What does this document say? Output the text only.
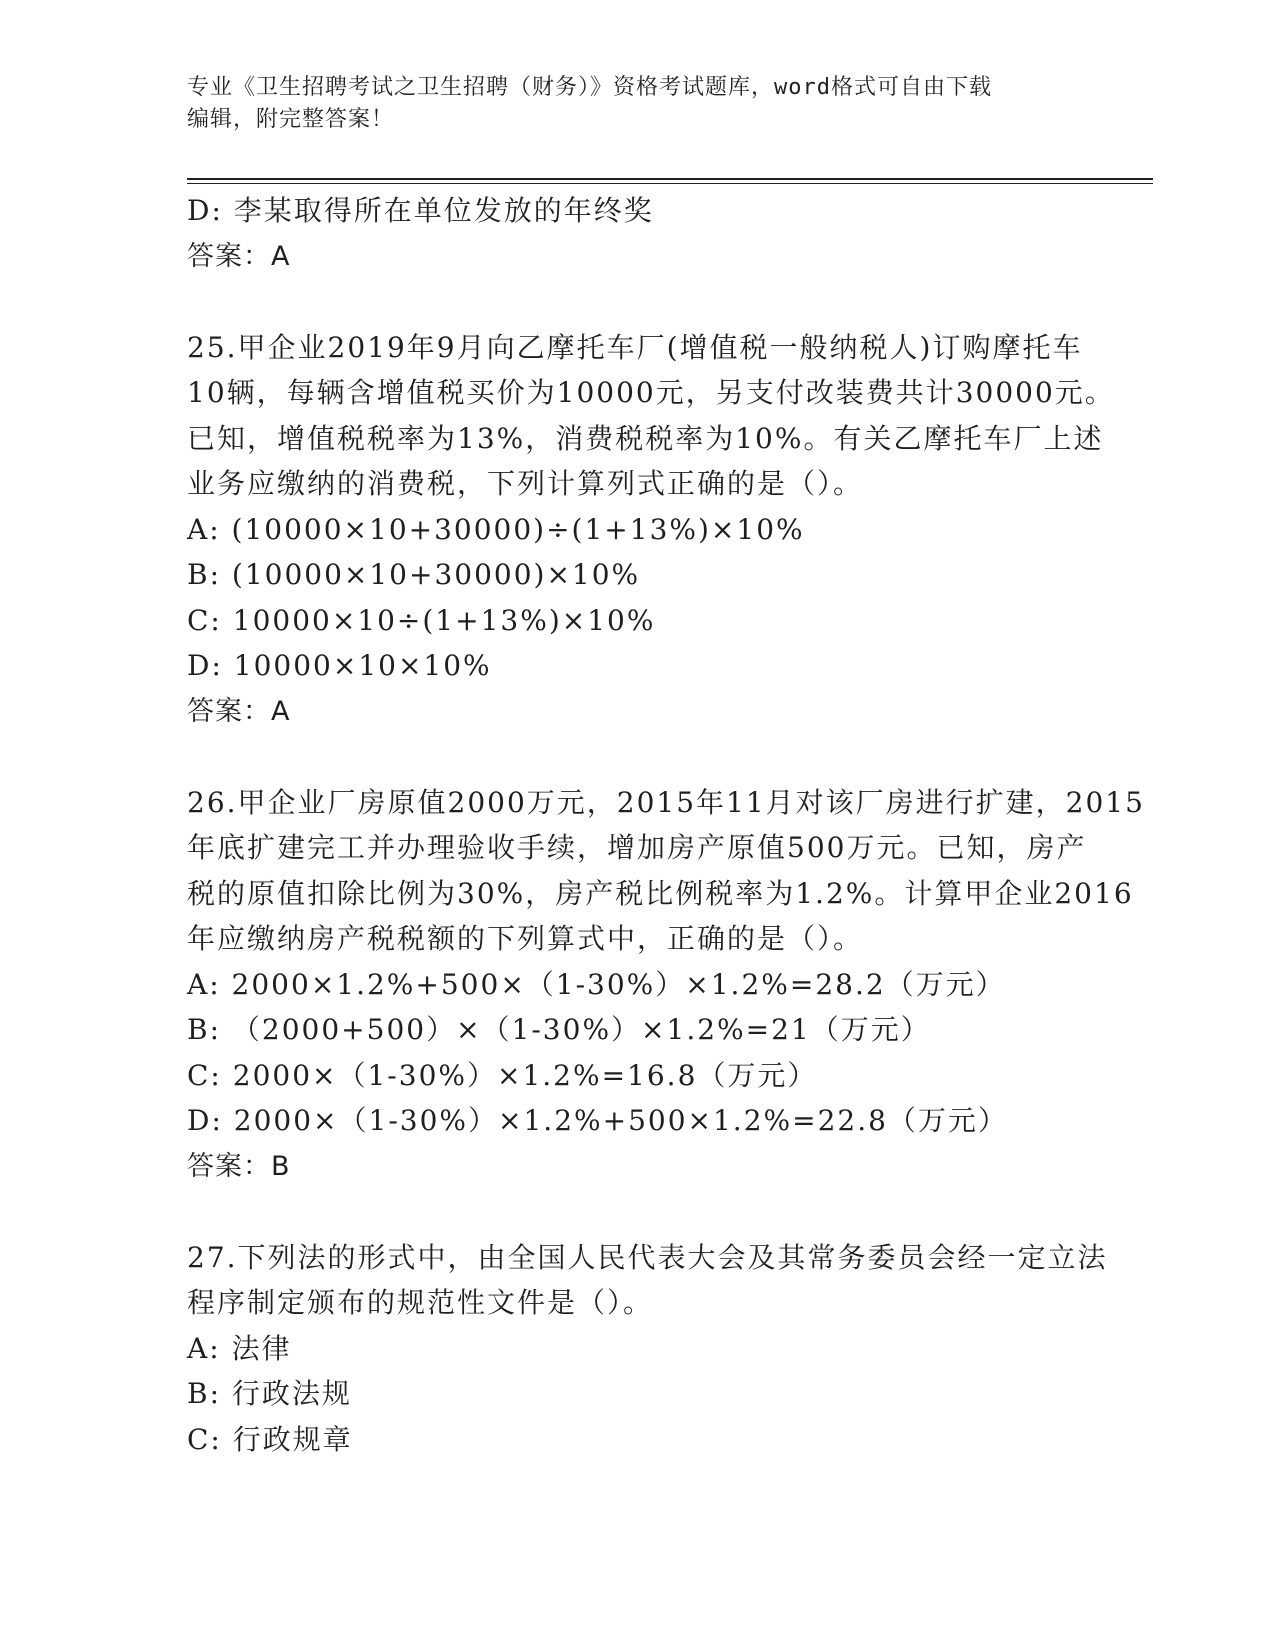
专业《卫生招聘考试之卫生招聘（财务）》资格考试题库，word格式可自由下载
编辑，附完整答案！
D: 李某取得所在单位发放的年终奖
答案：A
25.甲企业2019年9月向乙摩托车厂(增值税一般纳税人)订购摩托车
10辆，每辆含增值税买价为10000元，另支付改装费共计30000元。
已知，增值税税率为13%，消费税税率为10%。有关乙摩托车厂上述
业务应缴纳的消费税，下列计算列式正确的是（）。
A: (10000×10+30000)÷(1+13%)×10%
B: (10000×10+30000)×10%
C: 10000×10÷(1+13%)×10%
D: 10000×10×10%
答案：A
26.甲企业厂房原值2000万元，2015年11月对该厂房进行扩建，2015
年底扩建完工并办理验收手续，增加房产原值500万元。已知，房产
税的原值扣除比例为30%，房产税比例税率为1.2%。计算甲企业2016
年应缴纳房产税税额的下列算式中，正确的是（）。
A: 2000×1.2%+500×（1-30%）×1.2%=28.2（万元）
B: （2000+500）×（1-30%）×1.2%=21（万元）
C: 2000×（1-30%）×1.2%=16.8（万元）
D: 2000×（1-30%）×1.2%+500×1.2%=22.8（万元）
答案：B
27.下列法的形式中，由全国人民代表大会及其常务委员会经一定立法
程序制定颁布的规范性文件是（）。
A: 法律
B: 行政法规
C: 行政规章
